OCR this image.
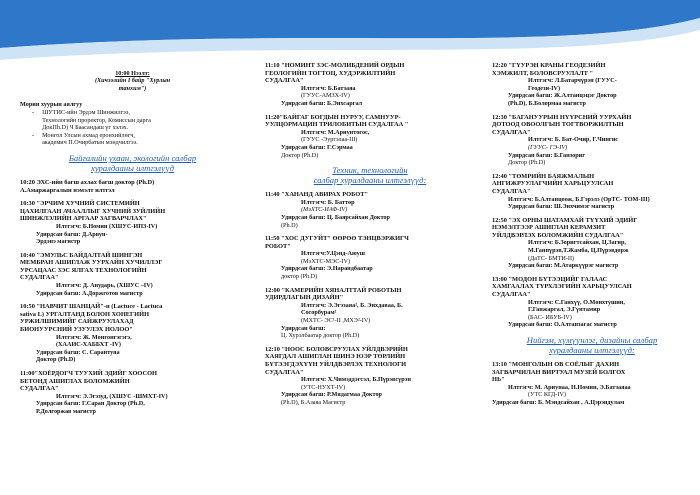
10:00 Нээлт:
(Хичээлийн I байр "Хурлын
танхим")

Морин хуурын аялгуу

- ШУТИС-ийн Эрдэм Шинжилгээ,
Технологийн проректор, Комиссын дарга
ДокПh.D) Ч Баасандаш үг хэлэх.

- Монгол Улсын ахмад еронхийлөгч,
академич П.Очирбатын мэндчилгээ.

Байгалийн ухаан, экологийн салбар
хуралдааны илтгэлүүд

10:20 ЭХС-ийн багш ахлах багш доктор (Ph.D)
А.Амаржаргалын нэмэлт илтгэл

10:30 "ЭРЧИМ ХУЧНИЙ СИСТЕМИЙН
ЦАХИЛГААН АЧААЛЛЫГ ХУЧНИЙ ЗУЙЛИЙН
ШИНЖЛЭЛИЙН АРГААР ЗАГВАРЧЛАХ"

Илтгэгч: Б.Номин (ХШУС-ИПЗ-IV)

Удирдсан багш: Д.Арвун-
Эрдэнэ магистр

10:40 "ЭМУЛЬС БАЙДАЛТАЙ ШИНГЭН
МЕМБРАН АШИГЛАЖ УУРХАЙН ХУЧИЛЛЭГ
УРСАЦААС ЗЭС ЯЛГАХ ТЕХНОЛОГИЙН
СУДАЛГАА"

Илтгэгч: Д. Анударь, (ХШУС –IV)

Удирдсан багш: А.Доржготов магистр

10:50 "НАВЧИТ ШАНЦАЙ"-н (Lactuce - Lactuca
sativa L) УРГАЛТАНД БОЛОН ХОНЕГИЙН
УРЖИЛШИМИЙГ САЙЖРУУЛАХАД
БИОНУУРСНИЙ УЗУУЛЭХ НОЛОО"

Илтгэгч: Ж. Монгонгэгэгэ,
(ХААИС-ХАББХТ -IV)

Удирдсан багш: С. Сарантуяа
Доктор (Ph.D)

11:00"ХОЁРДОГЧ ТУУХИЙ ЭДИЙГ ХООСОН
БЕТОНД АШИГЛАХ БОЛОМЖИЙН
СУДАЛГАА"

Илтгэгч: Э.Эгэзуд, (ХШУС -ШМХТ-IV)

Удирдсан багш: Г.Саран Доктор (Ph.D,
Р.Долгоржав магистр

11:10 "НОМИНТ ЗЭС-МОЛИБДЕНИЙ ОРДЫН
ГЕОЛОГИЙН ТОГТОЦ, ХУДЭРЖИЛТИЙН
СУДАЛГАА"

Илтгэгч: Б.Батзаяа

(ГУУС-АМЗХ-IV)

Удирдсан багш: Б.Энхсаргал

11:20"БАЙГАГ БОГДЫН НУРУУ, САМНУУР-
УУЛЦОРМАЦИН ТРИЛОБИТЫН СУДАЛГАА "

Илтгэгч: М.Ариунтогос,

(ГУУС -Эургэлаа-III)

Удирдсан багш: Г.Сэрмаа

Доктор (Ph.D)

Техник, технологийн
салбар хуралдааны илтгэлүүд:

11:40 "ХАНАНД АВИРАХ РОБОТ"

Илтгэгч: Б. Баттөр

(МэХТС-ИАФ-IV)

Удирдсан багш: Ц. Баярсайхан Доктор

(Ph.D)

11:50 "ХОС ДУГУЙТ" ӨӨРӨӨ ТЭНЦВЭРЖИГЧ
РОБОТ"

Илтгэгч:У.Цэнд-Аюуш

(МэХТС-МЭС-IV)

Удирдсан багш: Э.Нарандбаатар

доктор (Ph.D)

12:00 "КАМЕРИЙН ХЯНАЛТТАЙ РОБОТЫН
УДИРДЛАГЫН ДИЗАЙН"

Илтгэгч: Э.Эгэзаяа², Б. Энхдавaa, Б.
Сосорбурам²

(МХТС- ЭС¹-II ,МХЭ²-IV)

Удирдсан багш:

Ц. Хурэлбаатар доктор (Ph.D)

12:10 "НООС БОЛОВСРУУЛАХ УЙЛДВЭРИЙН
ХАЯГДАЛ АШИГЛАН ШИНЭ ЮЭР ТӨРЛИЙН
БҮТЭЭГДЭХҮҮН УЙЛДВЭРЛЭХ ТЕХНОЛОГИ
СУДАЛГАА"

Илтгэгч: Х.Чимэддэгсэл, Б.Пүрэвсүрэн

(УТС-НУХТ-IV)

Удирдсан багш: Р.Мядагмаа Доктор

(Ph.D), Б.Азаяа Магистр

12:20 "ГҮУРЭН КРАНЫ ГЕОДЕЗИЙН
ХЭМЖИЛТ, БОЛОВСРУУЛАЛТ "

Илтгэгч: Л.Батарчүрэн (ГУУС-
Геодези-IV)

Удирдсан багш: Ж.Алтанцэцэг Доктор
(Ph.D), Б.Болормаа магистр

12:30 "БАГАНУУРЫН НҮҮРСНИЙ УУРХАЙН
ДОТООД ОВООЛГЫН ТОГТВОРЖИЛТЫН
СУДАЛГАА"

Илтгэгч: Б. Бат-Очир, Г.Чингис

(ГУУС- ГЭ-IV)

Удирдсан багш: Б.Ганзориг

Доктор (Ph.D)

12:40 "ТӨМРИЙН БАЯЖМАЛЫН
АНГИЖРУУЛАГЧИЙН ХАРЬЦУУЛСАН
СУДАЛГАА"

Илтгэгч: Б.Алтанцоож, Б.Гэрэлэ (ОрТС- ТОМ-III)

Удирдсан багш: Ш.Энхчимэг магистр

12:50 "ЭХ ОРНЫ ШАТАМХАЙ ТҮҮХИЙ ЭДИЙГ
НЭМЭЛТЭЭР АШИГЛАН КЕРАМЗИТ
УЙЛДВЭРЛЭХ БОЛОМЖИЙН СУДАЛГАА"

Илтгэгч: Б.Зоригтсайхан, Ц.Загир,
М.Ганпүрэв,Т.Жамба, Ц.Пүрэвдорж

(ДаТС- БМТИ-II)

Удирдсан багш: М.Атаркүүрэг магистр

13:00 "МОДОН БҮТЭЭЦИЙГ ГАЛААС
ХАМГААЛАХ ТҮРХЛЭГИЙН ХАРЬЦУУЛСАН
СУДАЛГАА"

Илтгэгч: С.Ганхүү, О.Мөнхтушин,
Г.Ганжаргал, Э.Гүнтамир

(БАС- ИБУБ-IV)

Удирдсан багш: О.Алтанзагас магистр

Нийгэм, хүмүүнлэг, дизайны салбар
хуралдааны илтгэлүүд:

13:10 "МОНГОЛЫН ОВ СОЁЛЫГ ДАХИН
ЗАГВАРЧИЛАН ВИРТУАЛ МУЗЕЙ БОЛГОХ
НЬ"

Илтгэгч: М. Ариунаа, Н.Номин, Э.Батзаяаа

(УТС КГД-IV)

Удирдсан багш: Б. Мэндсайхан , А.Цэрэндулам
